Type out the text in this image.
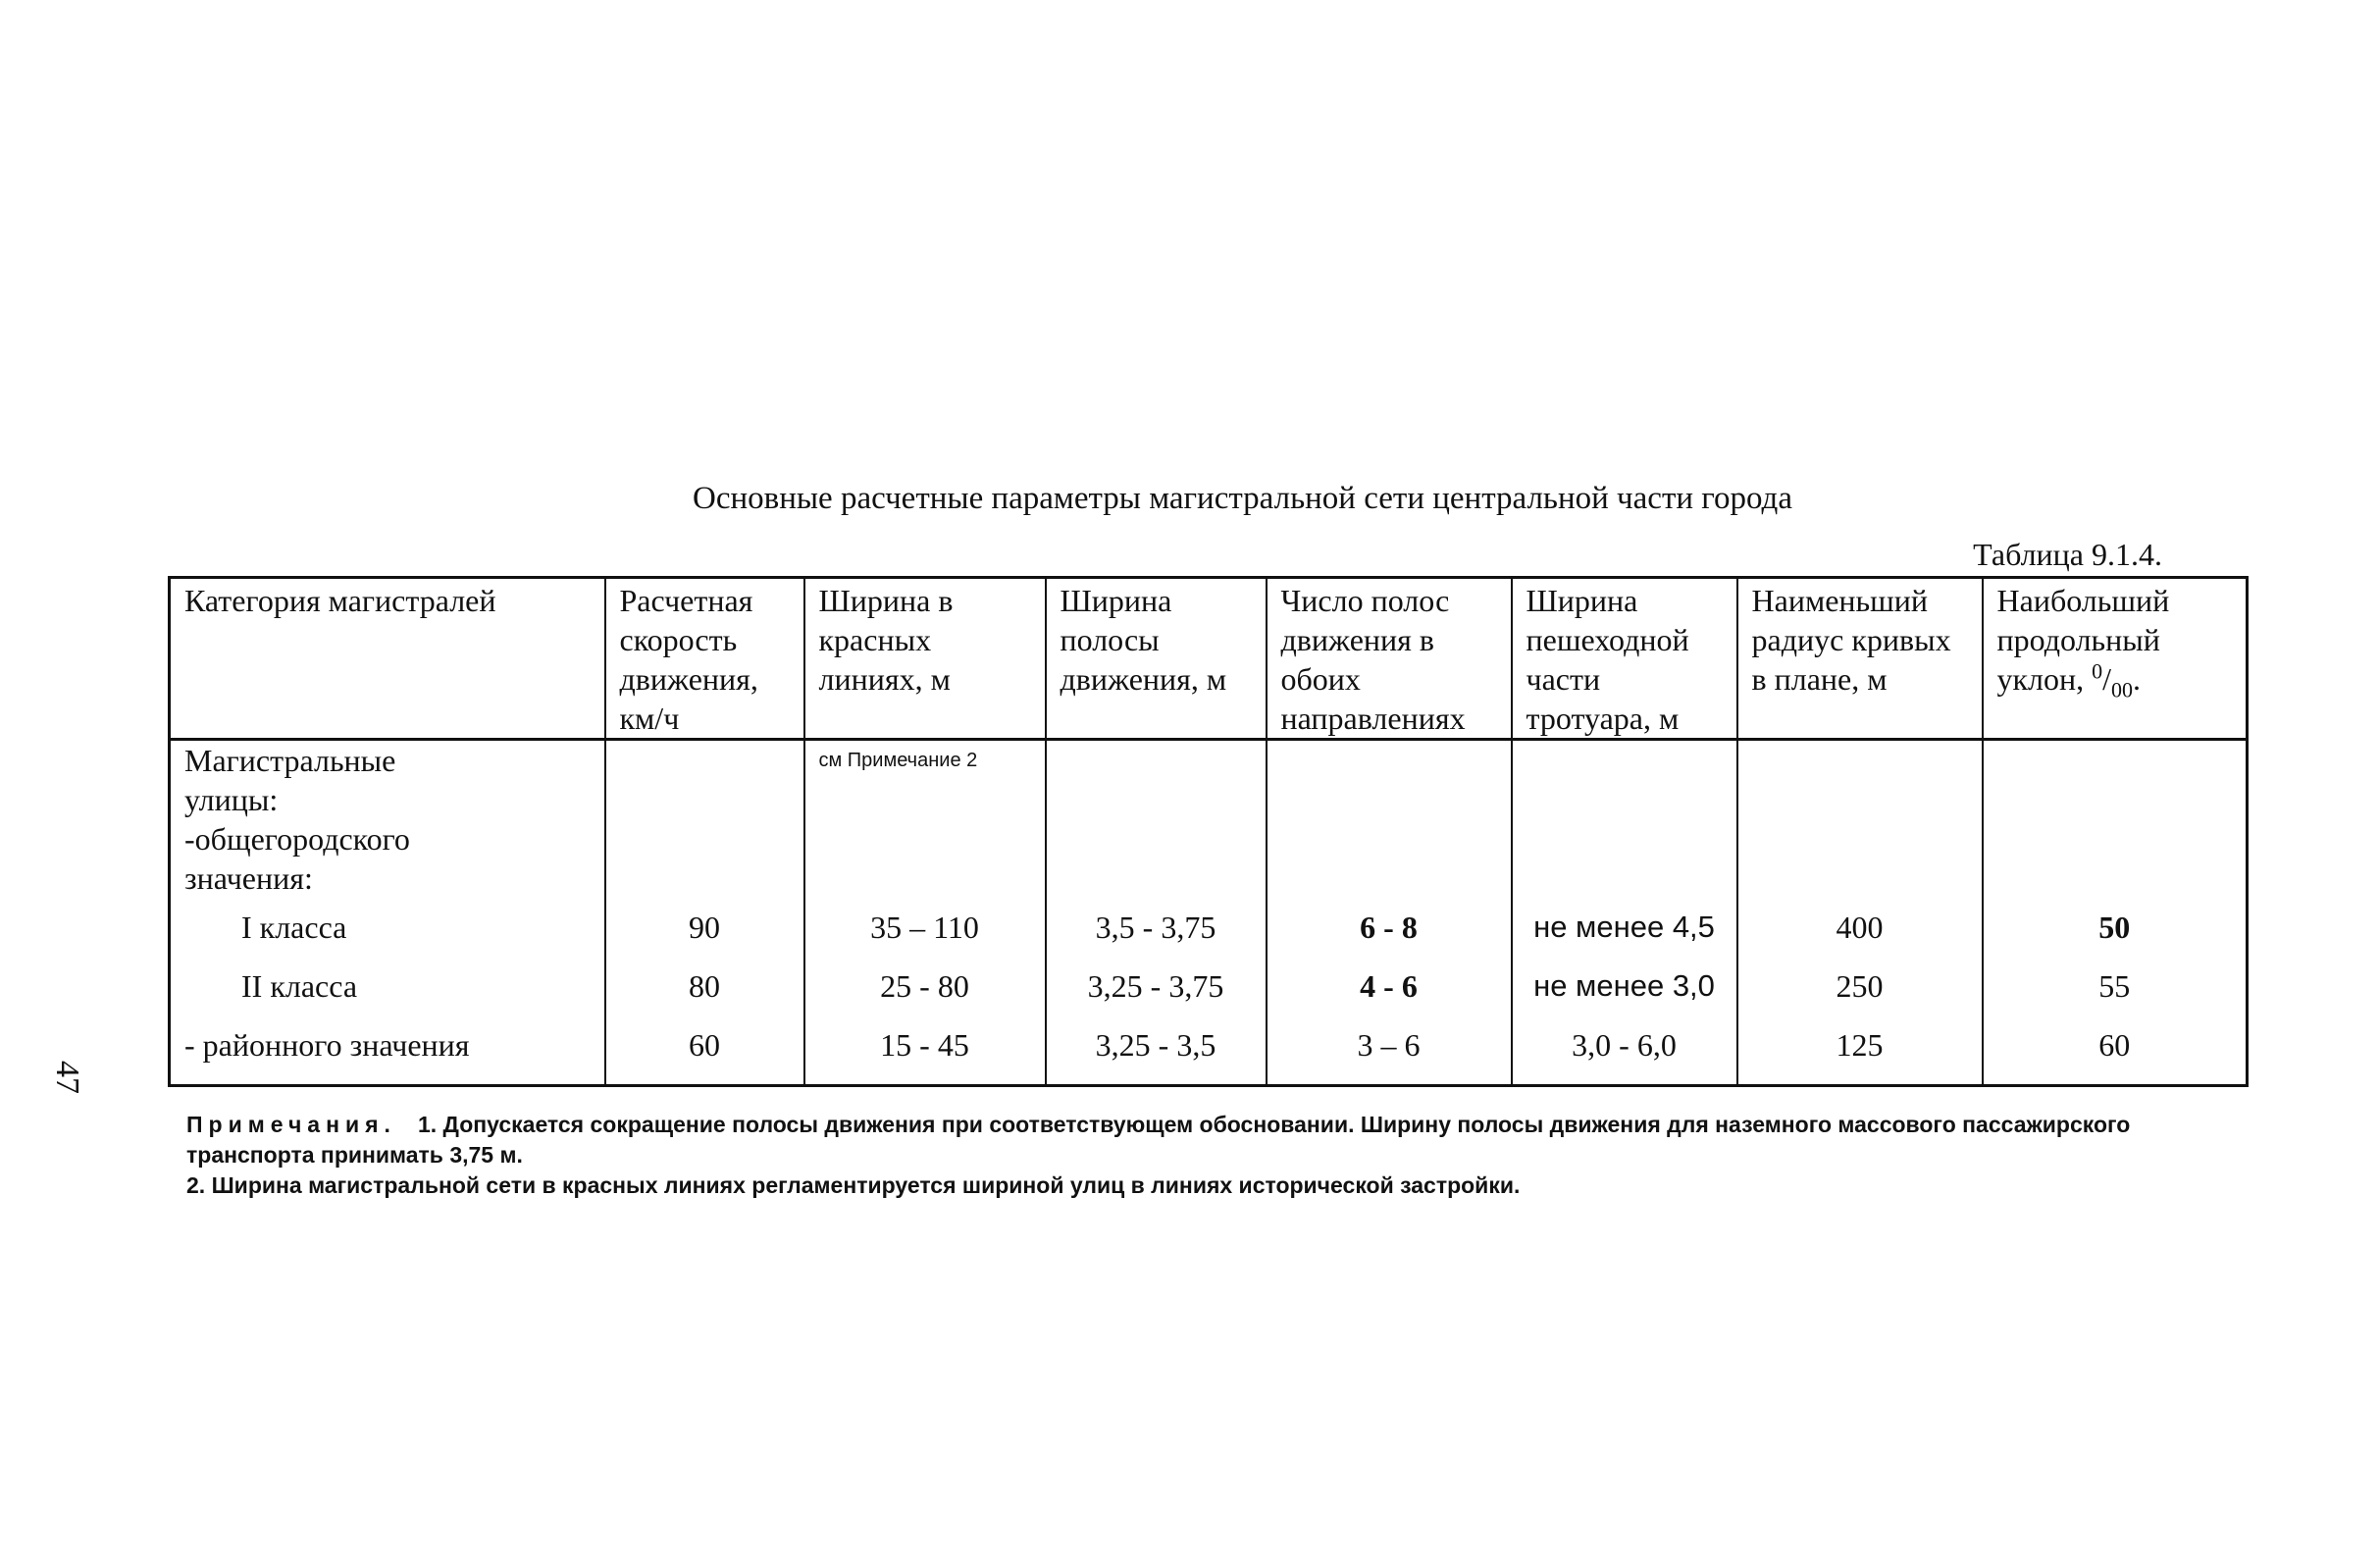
47
Основные расчетные параметры магистральной сети центральной части города
Таблица 9.1.4.
Категория магистралей	Расчетная скорость движения, км/ч	Ширина в красных линиях, м	Ширина полосы движения, м	Число полос движения в обоих направлениях	Ширина пешеходной части тротуара, м	Наименьший радиус кривых в плане, м	Наибольший продольный уклон, $^0/_{00}$.

Магистральные
улицы:
-общегородского
значения:		см Примечание 2					
I класса	90	35 – 110	3,5 - 3,75	6 - 8	не менее 4,5	400	50
II класса	80	25 - 80	3,25 - 3,75	4 - 6	не менее 3,0	250	55
- районного значения	60	15 - 45	3,25 - 3,5	3 – 6	3,0 - 6,0	125	60

Примечания. 1. Допускается сокращение полосы движения при соответствующем обосновании. Ширину полосы движения для наземного массового пассажирского транспорта принимать 3,75 м.

2. Ширина магистральной сети в красных линиях регламентируется шириной улиц в линиях исторической застройки.
